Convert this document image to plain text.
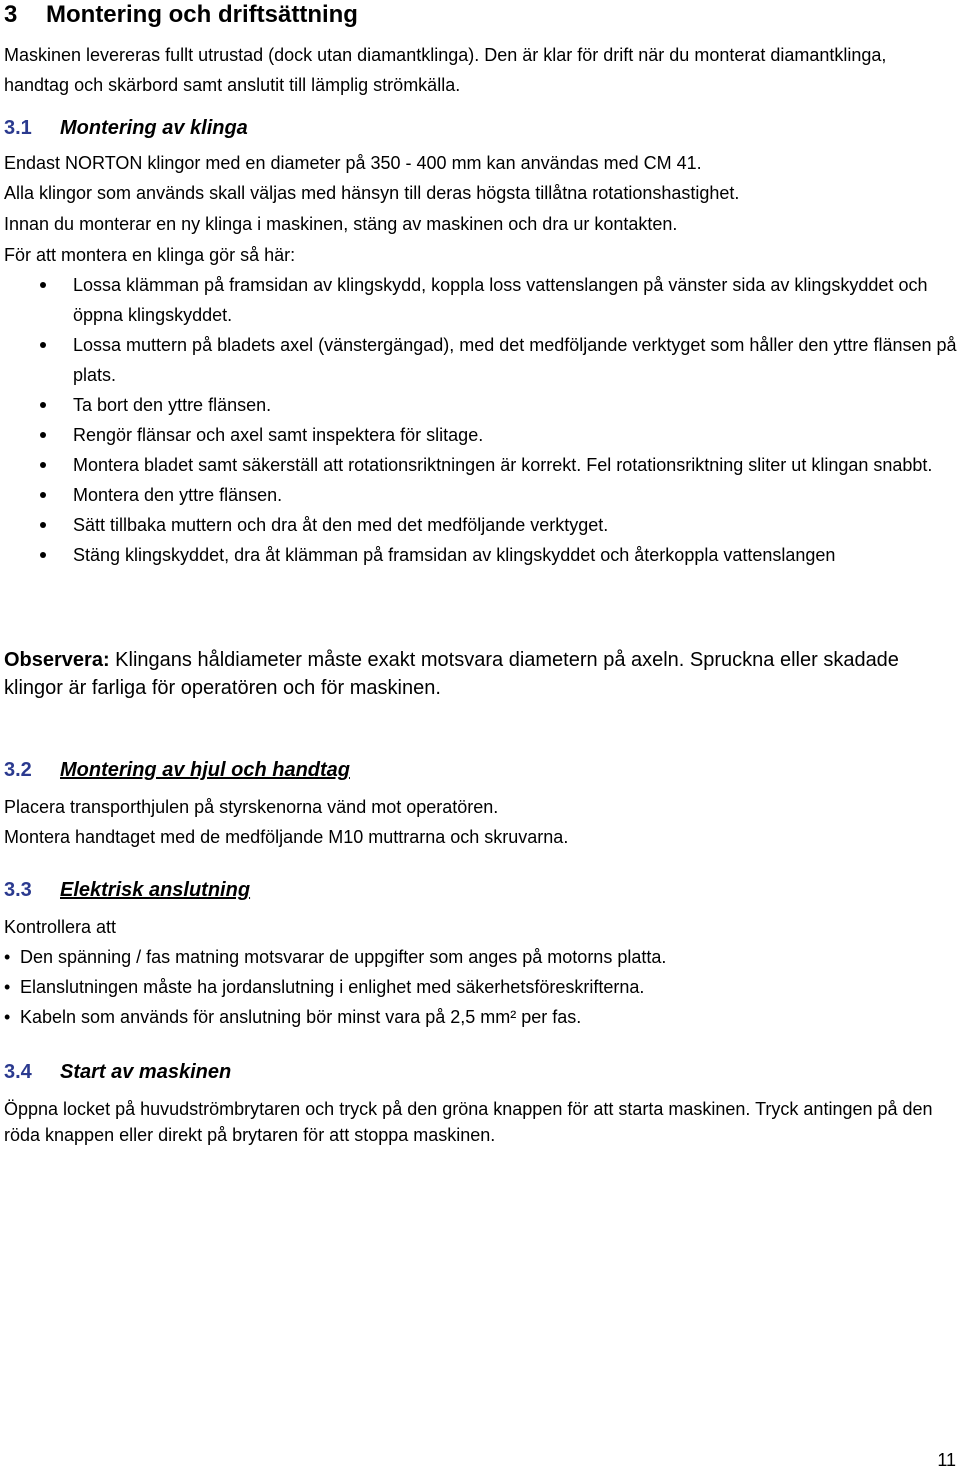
3 Montering och driftsättning
Maskinen levereras fullt utrustad (dock utan diamantklinga). Den är klar för drift när du monterat diamantklinga, handtag och skärbord samt anslutit till lämplig strömkälla.
3.1 Montering av klinga
Endast NORTON klingor med en diameter på 350 - 400 mm kan användas med CM 41.
Alla klingor som används skall väljas med hänsyn till deras högsta tillåtna rotationshastighet.
Innan du monterar en ny klinga i maskinen, stäng av maskinen och dra ur kontakten.
För att montera en klinga gör så här:
Lossa klämman på framsidan av klingskydd, koppla loss vattenslangen på vänster sida av klingskyddet och öppna klingskyddet.
Lossa muttern på bladets axel (vänstergängad), med det medföljande verktyget som håller den yttre flänsen på plats.
Ta bort den yttre flänsen.
Rengör flänsar och axel samt inspektera för slitage.
Montera bladet samt säkerställ att rotationsriktningen är korrekt. Fel rotationsriktning sliter ut klingan snabbt.
Montera den yttre flänsen.
Sätt tillbaka muttern och dra åt den med det medföljande verktyget.
Stäng klingskyddet, dra åt klämman på framsidan av klingskyddet och återkoppla vattenslangen
Observera: Klingans håldiameter måste exakt motsvara diametern på axeln. Spruckna eller skadade klingor är farliga för operatören och för maskinen.
3.2 Montering av hjul och handtag
Placera transporthjulen på styrskenorna vänd mot operatören.
Montera handtaget med de medföljande M10 muttrarna och skruvarna.
3.3 Elektrisk anslutning
Kontrollera att
• Den spänning / fas matning motsvarar de uppgifter som anges på motorns platta.
• Elanslutningen måste ha jordanslutning i enlighet med säkerhetsföreskrifterna.
• Kabeln som används för anslutning bör minst vara på 2,5 mm² per fas.
3.4 Start av maskinen
Öppna locket på huvudströmbrytaren och tryck på den gröna knappen för att starta maskinen. Tryck antingen på den röda knappen eller direkt på brytaren för att stoppa maskinen.
11
